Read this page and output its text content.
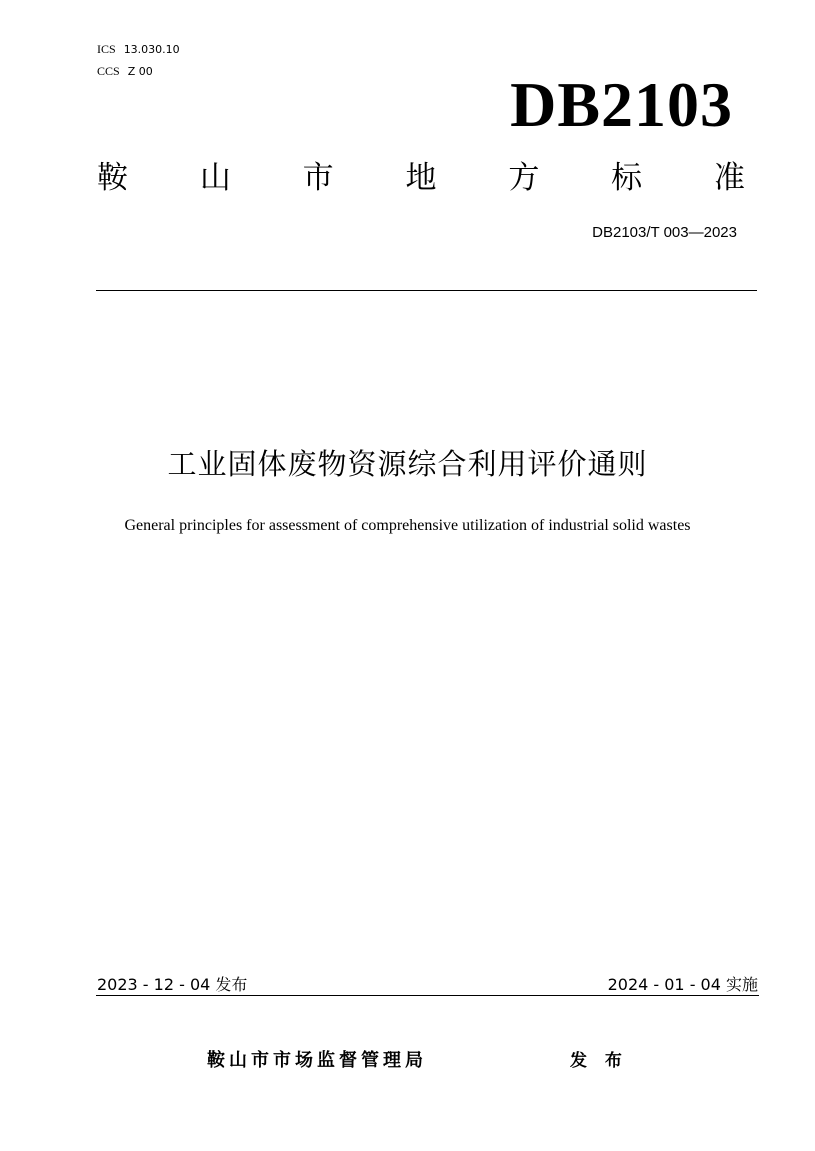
ICS 13.030.10
CCS Z 00	DB2103
鞍 山 市 地 方 标 准
DB2103/T 003—2023
工业固体废物资源综合利用评价通则
General principles for assessment of comprehensive utilization of industrial solid wastes
2023 - 12 - 04 发布	2024 - 01 - 04 实施
鞍山市市场监督管理局	发 布
